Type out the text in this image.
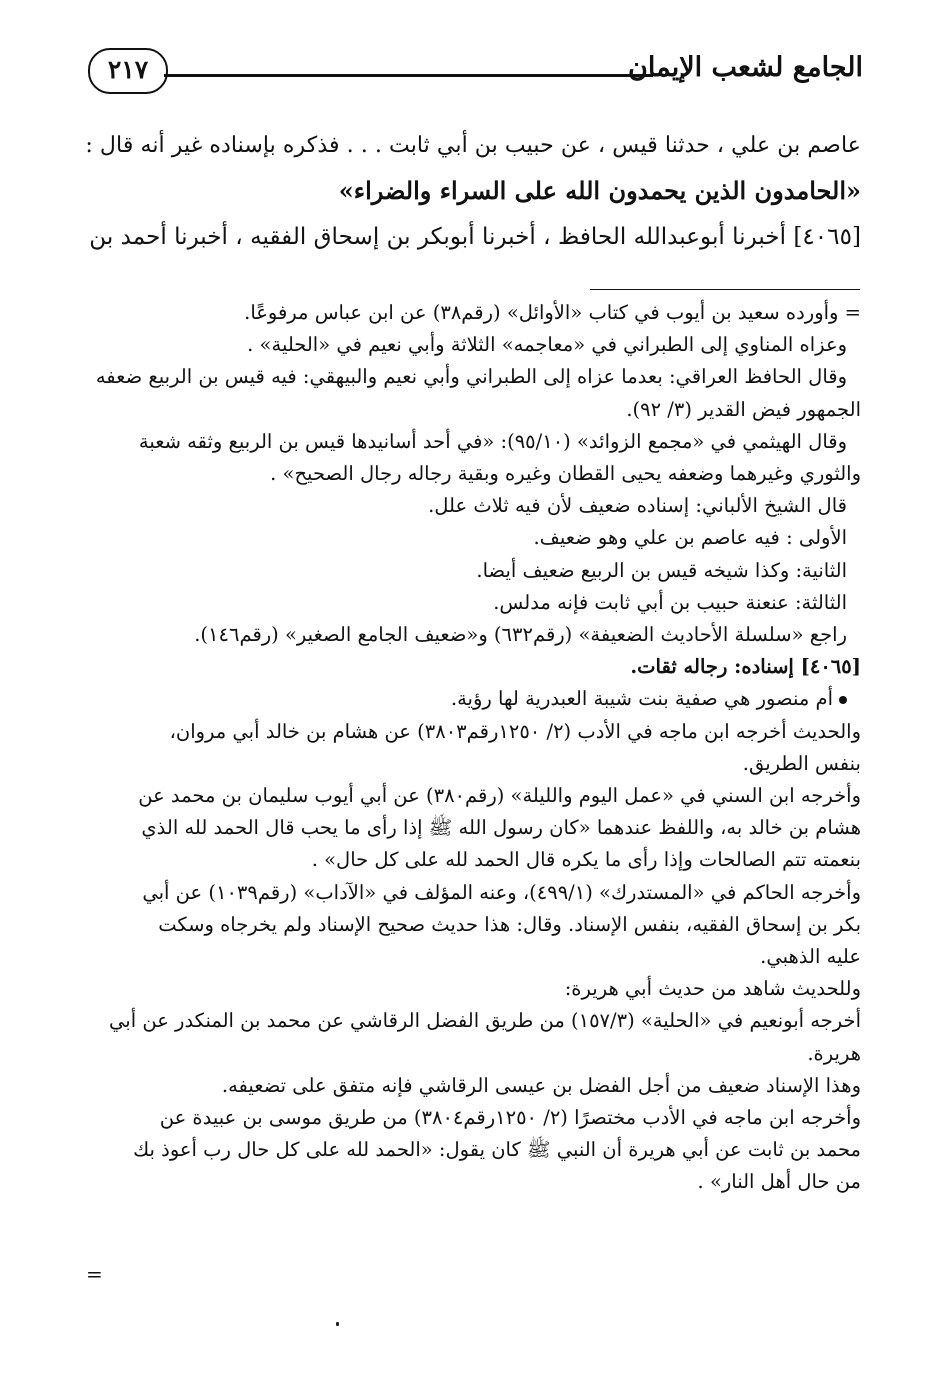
الجامع لشعب الإيمان
٢١٧

عاصم بن علي ، حدثنا قيس ، عن حبيب بن أبي ثابت . . . فذكره بإسناده غير أنه قال :

«الحامدون الذين يحمدون الله على السراء والضراء»

[٤٠٦٥] أخبرنا أبوعبدالله الحافظ ، أخبرنا أبوبكر بن إسحاق الفقيه ، أخبرنا أحمد بن

= وأورده سعيد بن أيوب في كتاب «الأوائل» (رقم٣٨) عن ابن عباس مرفوعًا.

وعزاه المناوي إلى الطبراني في «معاجمه» الثلاثة وأبي نعيم في «الحلية» .

وقال الحافظ العراقي: بعدما عزاه إلى الطبراني وأبي نعيم والبيهقي: فيه قيس بن الربيع ضعفه

الجمهور فيض القدير (٣/ ٩٢).

وقال الهيثمي في «مجمع الزوائد» (٩٥/١٠): «في أحد أسانيدها قيس بن الربيع وثقه شعبة

والثوري وغيرهما وضعفه يحيى القطان وغيره وبقية رجاله رجال الصحيح» .

قال الشيخ الألباني: إسناده ضعيف لأن فيه ثلاث علل.

الأولى : فيه عاصم بن علي وهو ضعيف.

الثانية: وكذا شيخه قيس بن الربيع ضعيف أيضا.

الثالثة: عنعنة حبيب بن أبي ثابت فإنه مدلس.

راجع «سلسلة الأحاديث الضعيفة» (رقم٦٣٢) و«ضعيف الجامع الصغير» (رقم١٤٦).

[٤٠٦٥] إسناده: رجاله ثقات.

أم منصور هي صفية بنت شيبة العبدرية لها رؤية.

والحديث أخرجه ابن ماجه في الأدب (٢/ ١٢٥٠رقم٣٨٠٣) عن هشام بن خالد أبي مروان،

بنفس الطريق.

وأخرجه ابن السني في «عمل اليوم والليلة» (رقم٣٨٠) عن أبي أيوب سليمان بن محمد عن

هشام بن خالد به، واللفظ عندهما «كان رسول الله ﷺ إذا رأى ما يحب قال الحمد لله الذي

بنعمته تتم الصالحات وإذا رأى ما يكره قال الحمد لله على كل حال» .

وأخرجه الحاكم في «المستدرك» (٤٩٩/١)، وعنه المؤلف في «الآداب» (رقم١٠٣٩) عن أبي

بكر بن إسحاق الفقيه، بنفس الإسناد. وقال: هذا حديث صحيح الإسناد ولم يخرجاه وسكت

عليه الذهبي.

وللحديث شاهد من حديث أبي هريرة:

أخرجه أبونعيم في «الحلية» (١٥٧/٣) من طريق الفضل الرقاشي عن محمد بن المنكدر عن أبي

هريرة.

وهذا الإسناد ضعيف من أجل الفضل بن عيسى الرقاشي فإنه متفق على تضعيفه.

وأخرجه ابن ماجه في الأدب مختصرًا (٢/ ١٢٥٠رقم٣٨٠٤) من طريق موسى بن عبيدة عن

محمد بن ثابت عن أبي هريرة أن النبي ﷺ كان يقول: «الحمد لله على كل حال رب أعوذ بك

من حال أهل النار» .

=
